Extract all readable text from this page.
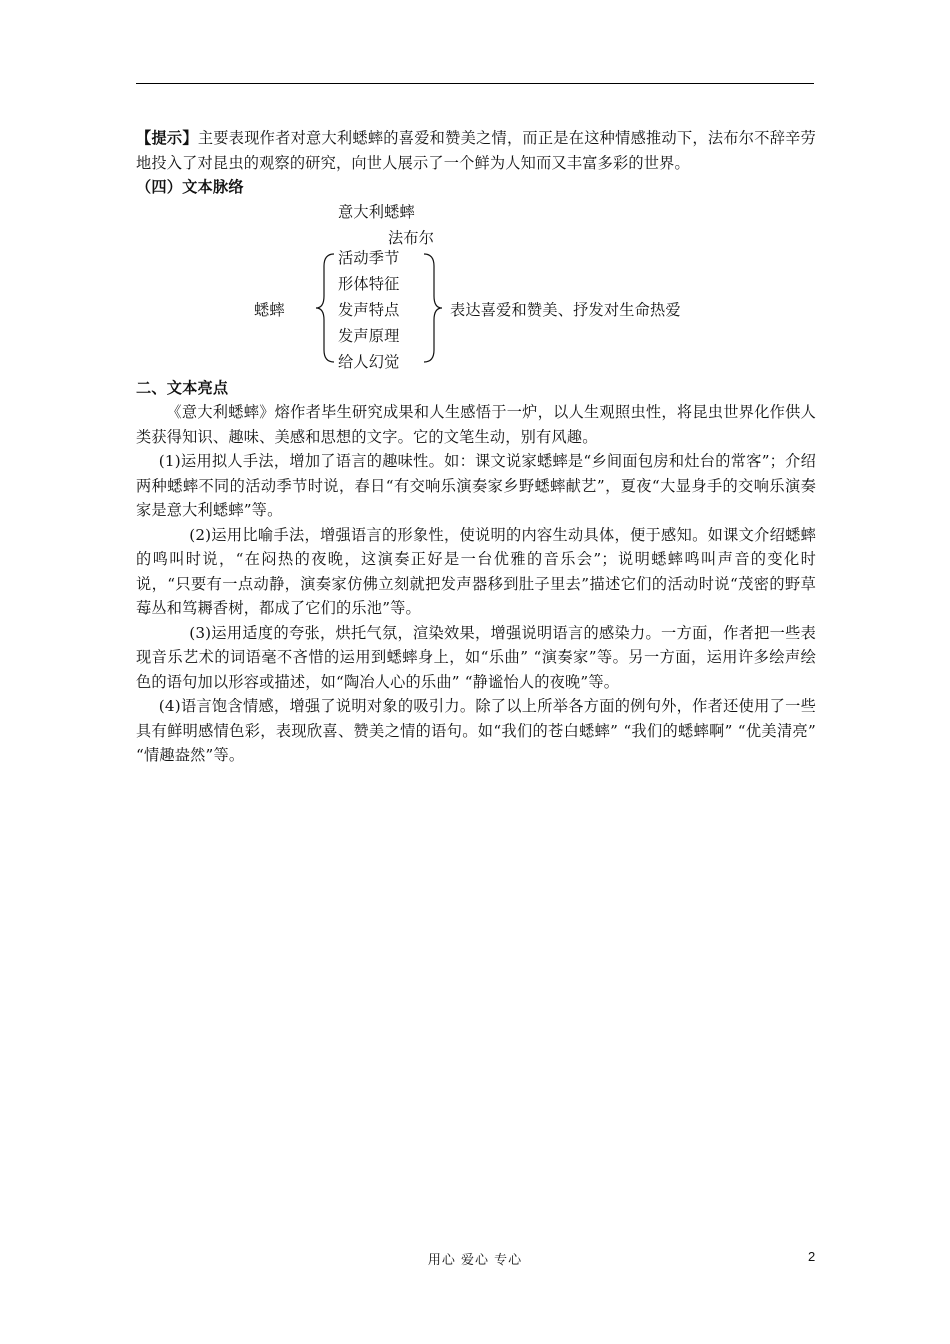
【提示】主要表现作者对意大利蟋蟀的喜爱和赞美之情，而正是在这种情感推动下，法布尔不辞辛劳地投入了对昆虫的观察的研究，向世人展示了一个鲜为人知而又丰富多彩的世界。

（四）文本脉络

意大利蟋蟀
法布尔
蟋蟀
活动季节
形体特征
发声特点
发声原理
给人幻觉
表达喜爱和赞美、抒发对生命热爱

二、文本亮点

《意大利蟋蟀》熔作者毕生研究成果和人生感悟于一炉，以人生观照虫性，将昆虫世界化作供人类获得知识、趣味、美感和思想的文字。它的文笔生动，别有风趣。

(1)运用拟人手法，增加了语言的趣味性。如：课文说家蟋蟀是“乡间面包房和灶台的常客”；介绍两种蟋蟀不同的活动季节时说，春日“有交响乐演奏家乡野蟋蟀献艺”，夏夜“大显身手的交响乐演奏家是意大利蟋蟀”等。

(2)运用比喻手法，增强语言的形象性，使说明的内容生动具体，便于感知。如课文介绍蟋蟀的鸣叫时说，“在闷热的夜晚，这演奏正好是一台优雅的音乐会”；说明蟋蟀鸣叫声音的变化时说，“只要有一点动静，演奏家仿佛立刻就把发声器移到肚子里去”描述它们的活动时说“茂密的野草莓丛和笃耨香树，都成了它们的乐池”等。

(3)运用适度的夸张，烘托气氛，渲染效果，增强说明语言的感染力。一方面，作者把一些表现音乐艺术的词语毫不吝惜的运用到蟋蟀身上，如“乐曲” “演奏家”等。另一方面，运用许多绘声绘色的语句加以形容或描述，如“陶冶人心的乐曲” “静谧怡人的夜晚”等。

(4)语言饱含情感，增强了说明对象的吸引力。除了以上所举各方面的例句外，作者还使用了一些具有鲜明感情色彩，表现欣喜、赞美之情的语句。如“我们的苍白蟋蟀” “我们的蟋蟀啊” “优美清亮” “情趣盎然”等。

用心 爱心 专心	2
